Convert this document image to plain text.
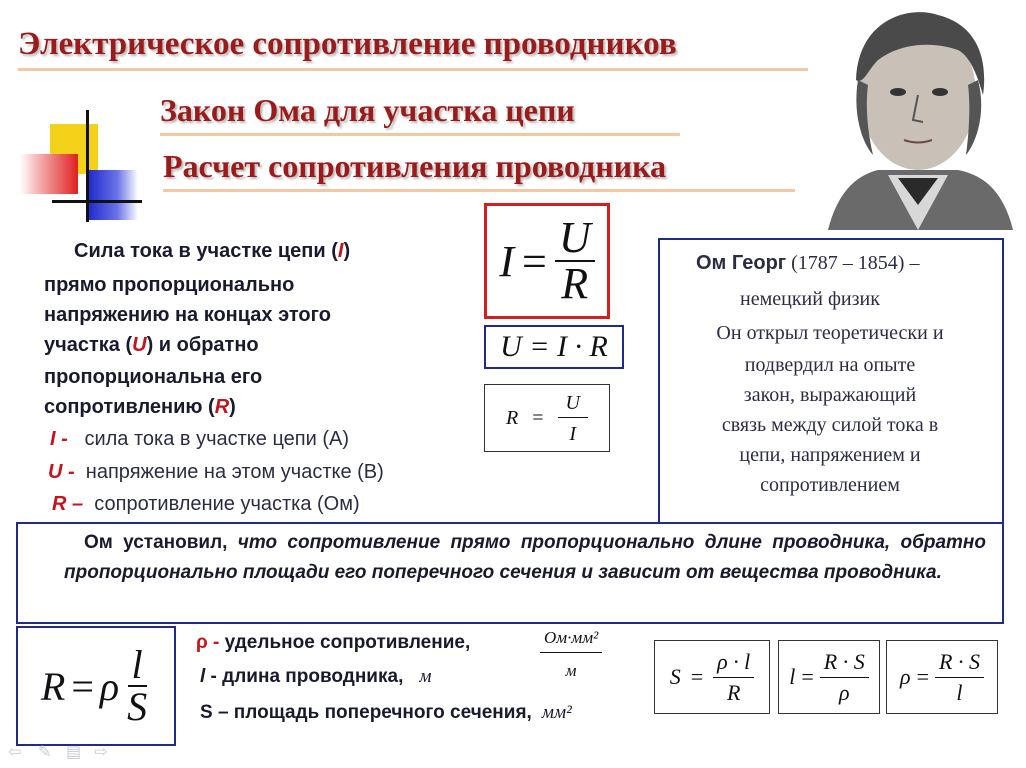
Электрическое сопротивление проводников
Закон Ома для участка цепи
Расчет сопротивления проводника
Сила тока в участке цепи (I)
прямо пропорционально
напряжению на концах этого
участка (U) и обратно
пропорциональна его
сопротивлению (R)
I - сила тока в участке цепи (А)
U - напряжение на этом участке (В)
R – сопротивление участка (Ом)
$I = \frac{U}{R}$
U = I · R
$R = \frac{U}{I}$
Ом Георг (1787 – 1854) –
немецкий физик
Он открыл теоретически и
подвердил на опыте
закон, выражающий
связь между силой тока в
цепи, напряжением и
сопротивлением
Ом установил, что сопротивление прямо пропорционально длине проводника, обратно пропорционально площади его поперечного сечения и зависит от вещества проводника.
R = ρ $\frac{l}{S}$
ρ - удельное сопротивление,
l - длина проводника, м
S – площадь поперечного сечения, мм²
Ом·мм²
м	$S = \frac{\rho \cdot l}{R}$ $l = \frac{R \cdot S}{\rho}$ $\rho = \frac{R \cdot S}{l}$
⇦ ✎ ▤ ⇨
